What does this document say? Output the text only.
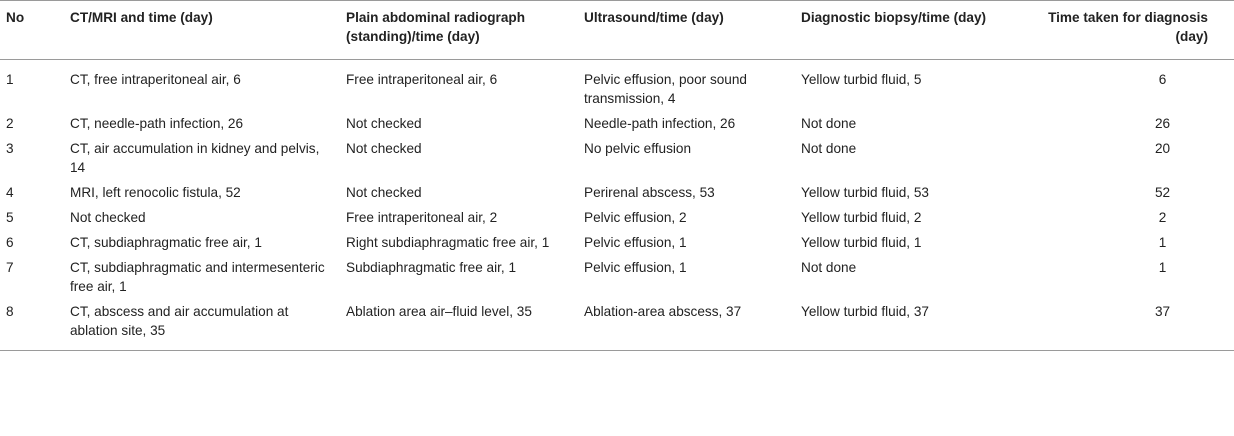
No	CT/MRI and time (day)	Plain abdominal radiograph (standing)/time (day)	Ultrasound/time (day)	Diagnostic biopsy/time (day)	Time taken for diagnosis (day)
1	CT, free intraperitoneal air, 6	Free intraperitoneal air, 6	Pelvic effusion, poor sound transmission, 4	Yellow turbid fluid, 5	6
2	CT, needle-path infection, 26	Not checked	Needle-path infection, 26	Not done	26
3	CT, air accumulation in kidney and pelvis, 14	Not checked	No pelvic effusion	Not done	20
4	MRI, left renocolic fistula, 52	Not checked	Perirenal abscess, 53	Yellow turbid fluid, 53	52
5	Not checked	Free intraperitoneal air, 2	Pelvic effusion, 2	Yellow turbid fluid, 2	2
6	CT, subdiaphragmatic free air, 1	Right subdiaphragmatic free air, 1	Pelvic effusion, 1	Yellow turbid fluid, 1	1
7	CT, subdiaphragmatic and intermesenteric free air, 1	Subdiaphragmatic free air, 1	Pelvic effusion, 1	Not done	1
8	CT, abscess and air accumulation at ablation site, 35	Ablation area air–fluid level, 35	Ablation-area abscess, 37	Yellow turbid fluid, 37	37
